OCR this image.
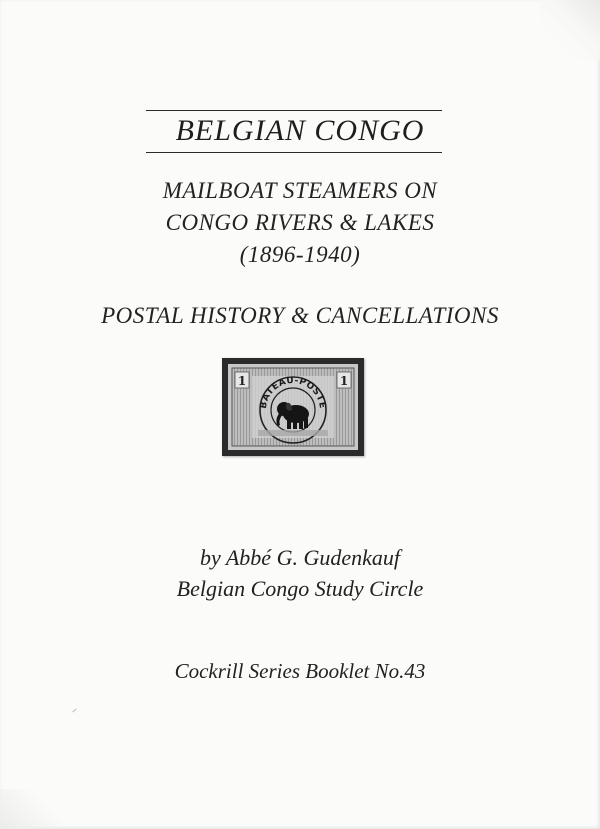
BELGIAN CONGO
MAILBOAT STEAMERS ON
CONGO RIVERS & LAKES
(1896-1940)
POSTAL HISTORY & CANCELLATIONS
1	1
BATEAU-POSTE
by Abbé G. Gudenkauf
Belgian Congo Study Circle
Cockrill Series Booklet No.43
